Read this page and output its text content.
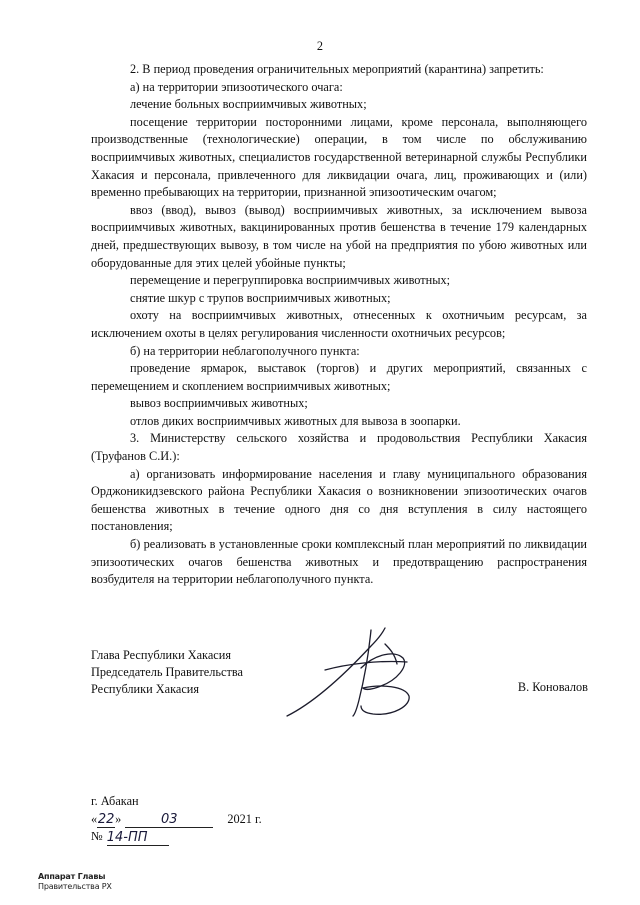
2

2. В период проведения ограничительных мероприятий (карантина) запретить:

а) на территории эпизоотического очага:

лечение больных восприимчивых животных;

посещение территории посторонними лицами, кроме персонала, выполняющего производственные (технологические) операции, в том числе по обслуживанию восприимчивых животных, специалистов государственной ветеринарной службы Республики Хакасия и персонала, привлеченного для ликвидации очага, лиц, проживающих и (или) временно пребывающих на территории, признанной эпизоотическим очагом;

ввоз (ввод), вывоз (вывод) восприимчивых животных, за исключением вывоза восприимчивых животных, вакцинированных против бешенства в течение 179 календарных дней, предшествующих вывозу, в том числе на убой на предприятия по убою животных или оборудованные для этих целей убойные пункты;

перемещение и перегруппировка восприимчивых животных;

снятие шкур с трупов восприимчивых животных;

охоту на восприимчивых животных, отнесенных к охотничьим ресурсам, за исключением охоты в целях регулирования численности охотничьих ресурсов;

б) на территории неблагополучного пункта:

проведение ярмарок, выставок (торгов) и других мероприятий, связанных с перемещением и скоплением восприимчивых животных;

вывоз восприимчивых животных;

отлов диких восприимчивых животных для вывоза в зоопарки.

3. Министерству сельского хозяйства и продовольствия Республики Хакасия (Труфанов С.И.):

а) организовать информирование населения и главу муниципального образования Орджоникидзевского района Республики Хакасия о возникновении эпизоотических очагов бешенства животных в течение одного дня со дня вступления в силу настоящего постановления;

б) реализовать в установленные сроки комплексный план мероприятий по ликвидации эпизоотических очагов бешенства животных и предотвращению распространения возбудителя на территории неблагополучного пункта.

Глава Республики Хакасия
Председатель Правительства
Республики Хакасия	В. Коновалов
г. Абакан
« 22 »	03	2021 г.
№ 14-ПП
Аппарат Главы
Правительства РХ
